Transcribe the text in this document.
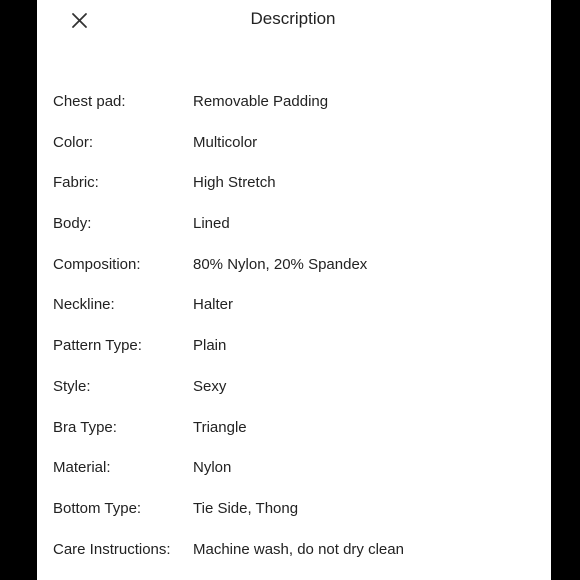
Description
Chest pad:	Removable Padding
Color:	Multicolor
Fabric:	High Stretch
Body:	Lined
Composition:	80% Nylon, 20% Spandex
Neckline:	Halter
Pattern Type:	Plain
Style:	Sexy
Bra Type:	Triangle
Material:	Nylon
Bottom Type:	Tie Side, Thong
Care Instructions: Machine wash, do not dry clean
